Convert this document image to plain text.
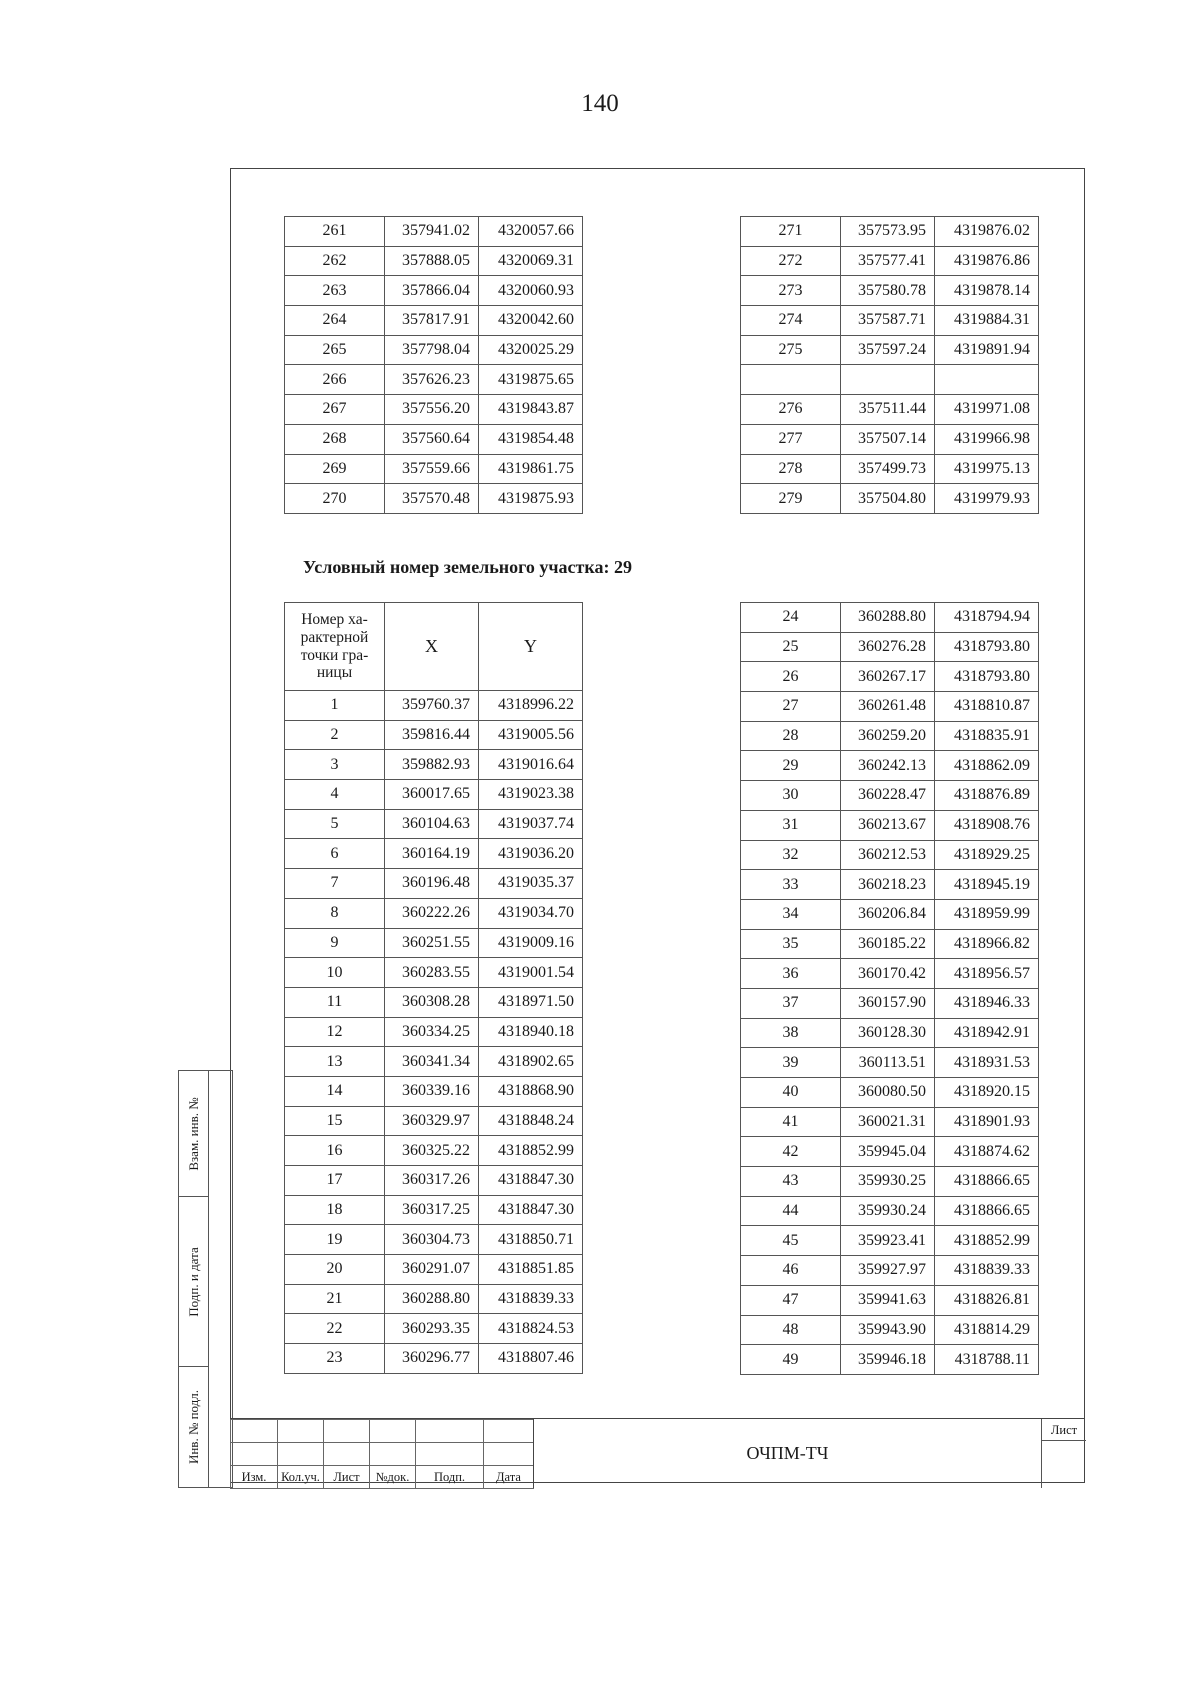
140
261	357941.02	4320057.66
262	357888.05	4320069.31
263	357866.04	4320060.93
264	357817.91	4320042.60
265	357798.04	4320025.29
266	357626.23	4319875.65
267	357556.20	4319843.87
268	357560.64	4319854.48
269	357559.66	4319861.75
270	357570.48	4319875.93
271	357573.95	4319876.02
272	357577.41	4319876.86
273	357580.78	4319878.14
274	357587.71	4319884.31
275	357597.24	4319891.94

276	357511.44	4319971.08
277	357507.14	4319966.98
278	357499.73	4319975.13
279	357504.80	4319979.93
Условный номер земельного участка: 29
Номер ха-рактерной точки гра-ницы	X	Y
1	359760.37	4318996.22
2	359816.44	4319005.56
3	359882.93	4319016.64
4	360017.65	4319023.38
5	360104.63	4319037.74
6	360164.19	4319036.20
7	360196.48	4319035.37
8	360222.26	4319034.70
9	360251.55	4319009.16
10	360283.55	4319001.54
11	360308.28	4318971.50
12	360334.25	4318940.18
13	360341.34	4318902.65
14	360339.16	4318868.90
15	360329.97	4318848.24
16	360325.22	4318852.99
17	360317.26	4318847.30
18	360317.25	4318847.30
19	360304.73	4318850.71
20	360291.07	4318851.85
21	360288.80	4318839.33
22	360293.35	4318824.53
23	360296.77	4318807.46
24	360288.80	4318794.94
25	360276.28	4318793.80
26	360267.17	4318793.80
27	360261.48	4318810.87
28	360259.20	4318835.91
29	360242.13	4318862.09
30	360228.47	4318876.89
31	360213.67	4318908.76
32	360212.53	4318929.25
33	360218.23	4318945.19
34	360206.84	4318959.99
35	360185.22	4318966.82
36	360170.42	4318956.57
37	360157.90	4318946.33
38	360128.30	4318942.91
39	360113.51	4318931.53
40	360080.50	4318920.15
41	360021.31	4318901.93
42	359945.04	4318874.62
43	359930.25	4318866.65
44	359930.24	4318866.65
45	359923.41	4318852.99
46	359927.97	4318839.33
47	359941.63	4318826.81
48	359943.90	4318814.29
49	359946.18	4318788.11
Взам. инв. №
Подп. и дата
Инв. № подл.

Изм.	Кол.уч.	Лист	№док.	Подп.	Дата
ОЧПМ-ТЧ
Лист
